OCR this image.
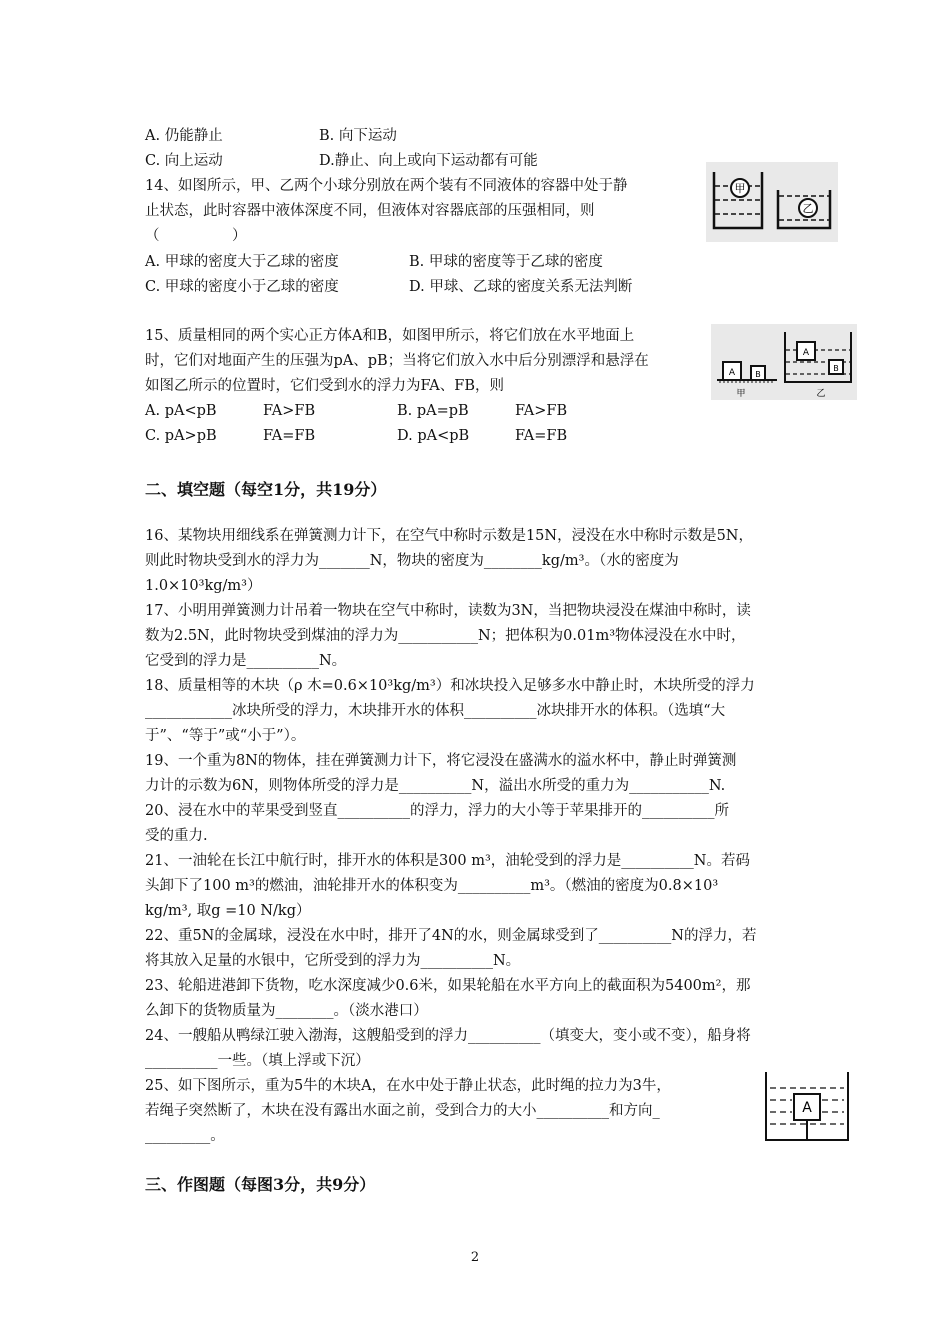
A. 仍能静止	B. 向下运动
C. 向上运动	D.静止、向上或向下运动都有可能
14、如图所示，甲、乙两个小球分别放在两个装有不同液体的容器中处于静
止状态，此时容器中液体深度不同，但液体对容器底部的压强相同，则
（　　　　　）
A. 甲球的密度大于乙球的密度	B. 甲球的密度等于乙球的密度
C. 甲球的密度小于乙球的密度	D. 甲球、乙球的密度关系无法判断
甲
乙
15、质量相同的两个实心正方体A和B，如图甲所示，将它们放在水平地面上
时，它们对地面产生的压强为pA、pB；当将它们放入水中后分别漂浮和悬浮在
如图乙所示的位置时，它们受到水的浮力为FA、FB，则
A. pA<pB	FA>FB	B. pA=pB	FA>FB
C. pA>pB	FA=FB	D. pA<pB	FA=FB
A	B
甲
A
B
乙
二、填空题（每空1分，共19分）
16、某物块用细线系在弹簧测力计下，在空气中称时示数是15N，浸没在水中称时示数是5N，
则此时物块受到水的浮力为_______N，物块的密度为________kg/m³。（水的密度为
1.0×10³kg/m³）
17、小明用弹簧测力计吊着一物块在空气中称时，读数为3N，当把物块浸没在煤油中称时，读
数为2.5N，此时物块受到煤油的浮力为___________N；把体积为0.01m³物体浸没在水中时，
它受到的浮力是__________N。
18、质量相等的木块（ρ 木=0.6×10³kg/m³）和冰块投入足够多水中静止时，木块所受的浮力
____________冰块所受的浮力，木块排开水的体积__________冰块排开水的体积。（选填“大
于”、“等于”或“小于”）。
19、一个重为8N的物体，挂在弹簧测力计下，将它浸没在盛满水的溢水杯中，静止时弹簧测
力计的示数为6N，则物体所受的浮力是__________N，溢出水所受的重力为___________N.
20、浸在水中的苹果受到竖直__________的浮力，浮力的大小等于苹果排开的__________所
受的重力.
21、一油轮在长江中航行时，排开水的体积是300 m³，油轮受到的浮力是__________N。若码
头卸下了100 m³的燃油，油轮排开水的体积变为__________m³。（燃油的密度为0.8×10³
kg/m³, 取g =10 N/kg）
22、重5N的金属球，浸没在水中时，排开了4N的水，则金属球受到了__________N的浮力，若
将其放入足量的水银中，它所受到的浮力为__________N。
23、轮船进港卸下货物，吃水深度减少0.6米，如果轮船在水平方向上的截面积为5400m²，那
么卸下的货物质量为________。（淡水港口）
24、一艘船从鸭绿江驶入渤海，这艘船受到的浮力__________（填变大，变小或不变），船身将
__________一些。（填上浮或下沉）
25、如下图所示，重为5牛的木块A，在水中处于静止状态，此时绳的拉力为3牛，
若绳子突然断了，木块在没有露出水面之前，受到合力的大小__________和方向_
_________。
A
三、作图题（每图3分，共9分）
2
